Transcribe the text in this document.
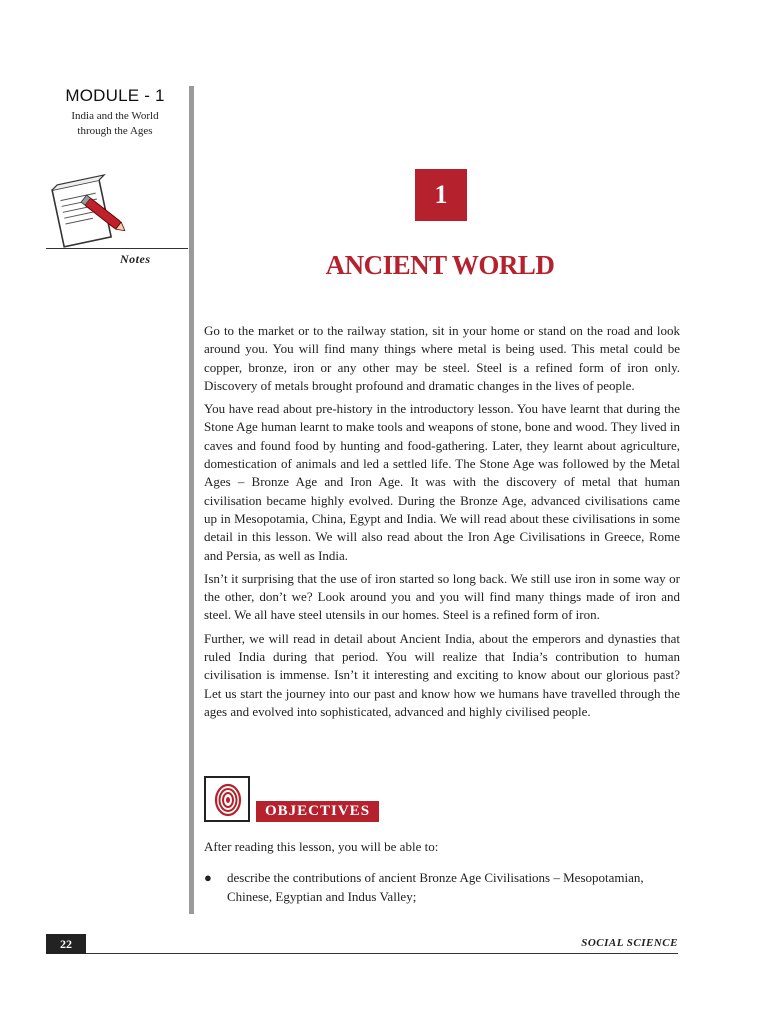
MODULE - 1
India and the World
through the Ages
Notes
1
ANCIENT WORLD

Go to the market or to the railway station, sit in your home or stand on the road and look around you. You will find many things where metal is being used. This metal could be copper, bronze, iron or any other may be steel. Steel is a refined form of iron only. Discovery of metals brought profound and dramatic changes in the lives of people.

You have read about pre-history in the introductory lesson. You have learnt that during the Stone Age human learnt to make tools and weapons of stone, bone and wood. They lived in caves and found food by hunting and food-gathering. Later, they learnt about agriculture, domestication of animals and led a settled life. The Stone Age was followed by the Metal Ages – Bronze Age and Iron Age. It was with the discovery of metal that human civilisation became highly evolved. During the Bronze Age, advanced civilisations came up in Mesopotamia, China, Egypt and India. We will read about these civilisations in some detail in this lesson. We will also read about the Iron Age Civilisations in Greece, Rome and Persia, as well as India.

Isn’t it surprising that the use of iron started so long back. We still use iron in some way or the other, don’t we? Look around you and you will find many things made of iron and steel. We all have steel utensils in our homes. Steel is a refined form of iron.

Further, we will read in detail about Ancient India, about the emperors and dynasties that ruled India during that period. You will realize that India’s contribution to human civilisation is immense. Isn’t it interesting and exciting to know about our glorious past? Let us start the journey into our past and know how we humans have travelled through the ages and evolved into sophisticated, advanced and highly civilised people.

OBJECTIVES
After reading this lesson, you will be able to:
●	describe the contributions of ancient Bronze Age Civilisations – Mesopotamian, Chinese, Egyptian and Indus Valley;
22	SOCIAL SCIENCE
